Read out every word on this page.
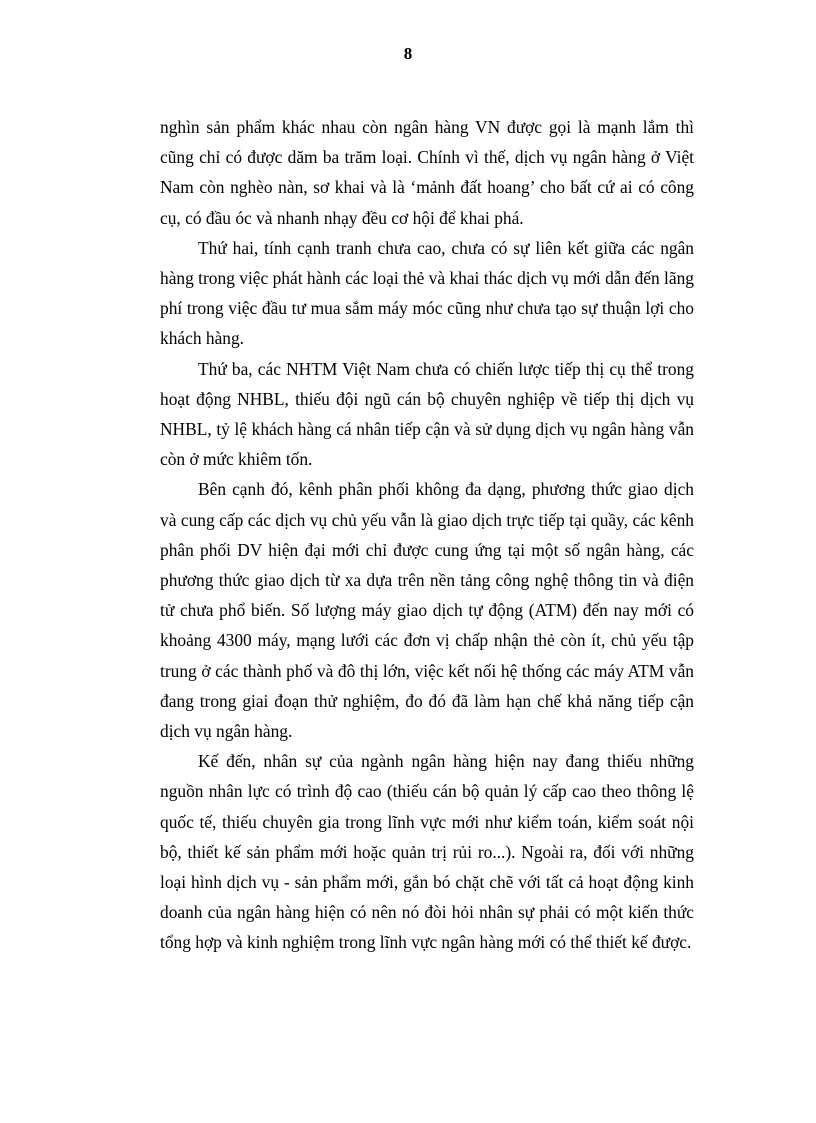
8

nghìn sản phẩm khác nhau còn ngân hàng VN được gọi là mạnh lắm thì cũng chỉ có được dăm ba trăm loại. Chính vì thế, dịch vụ ngân hàng ở Việt Nam còn nghèo nàn, sơ khai và là ‘mảnh đất hoang’ cho bất cứ ai có công cụ, có đầu óc và nhanh nhạy đều cơ hội để khai phá.

Thứ hai, tính cạnh tranh chưa cao, chưa có sự liên kết giữa các ngân hàng trong việc phát hành các loại thẻ và khai thác dịch vụ mới dẫn đến lãng phí trong việc đầu tư mua sắm máy móc cũng như chưa tạo sự thuận lợi cho khách hàng.

Thứ ba, các NHTM Việt Nam chưa có chiến lược tiếp thị cụ thể trong hoạt động NHBL, thiếu đội ngũ cán bộ chuyên nghiệp về tiếp thị dịch vụ NHBL, tỷ lệ khách hàng cá nhân tiếp cận và sử dụng dịch vụ ngân hàng vẫn còn ở mức khiêm tốn.

Bên cạnh đó, kênh phân phối không đa dạng, phương thức giao dịch và cung cấp các dịch vụ chủ yếu vẫn là giao dịch trực tiếp tại quầy, các kênh phân phối DV hiện đại mới chỉ được cung ứng tại một số ngân hàng, các phương thức giao dịch từ xa dựa trên nền tảng công nghệ thông tin và điện tử chưa phổ biến. Số lượng máy giao dịch tự động (ATM) đến nay mới có khoảng 4300 máy, mạng lưới các đơn vị chấp nhận thẻ còn ít, chủ yếu tập trung ở các thành phố và đô thị lớn, việc kết nối hệ thống các máy ATM vẫn đang trong giai đoạn thử nghiệm, đo đó đã làm hạn chế khả năng tiếp cận dịch vụ ngân hàng.

Kế đến, nhân sự của ngành ngân hàng hiện nay đang thiếu những nguồn nhân lực có trình độ cao (thiếu cán bộ quản lý cấp cao theo thông lệ quốc tế, thiếu chuyên gia trong lĩnh vực mới như kiểm toán, kiểm soát nội bộ, thiết kế sản phẩm mới hoặc quản trị rủi ro...). Ngoài ra, đối với những loại hình dịch vụ - sản phẩm mới, gắn bó chặt chẽ với tất cả hoạt động kinh doanh của ngân hàng hiện có nên nó đòi hỏi nhân sự phải có một kiến thức tổng hợp và kinh nghiệm trong lĩnh vực ngân hàng mới có thể thiết kế được.
